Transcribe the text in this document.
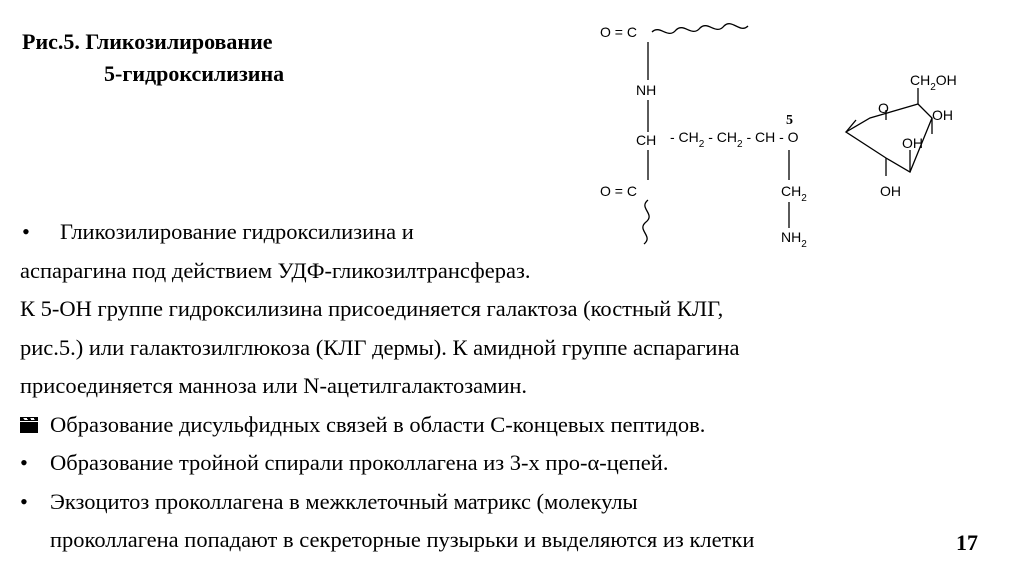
Рис.5. Гликозилирование
5-гидроксилизина
O = C
NH
CH - $CH_2 - CH_2$ - CH - O
5
O = C	$CH_2$
$NH_2$
O
$CH_2OH$
OH
OH
OH
• Гликозилирование гидроксилизина и
аспарагина под действием УДФ-гликозилтрансфераз.
К 5-ОН группе гидроксилизина присоединяется галактоза (костный КЛГ,
рис.5.) или галактозилглюкоза (КЛГ дермы). К амидной группе аспарагина
присоединяется манноза или N-ацетилгалактозамин.
Образование дисульфидных связей в области С-концевых пептидов.
• Образование тройной спирали проколлагена из 3-х про-α-цепей.
• Экзоцитоз проколлагена в межклеточный матрикс (молекулы
проколлагена попадают в секреторные пузырьки и выделяются из клетки	17
